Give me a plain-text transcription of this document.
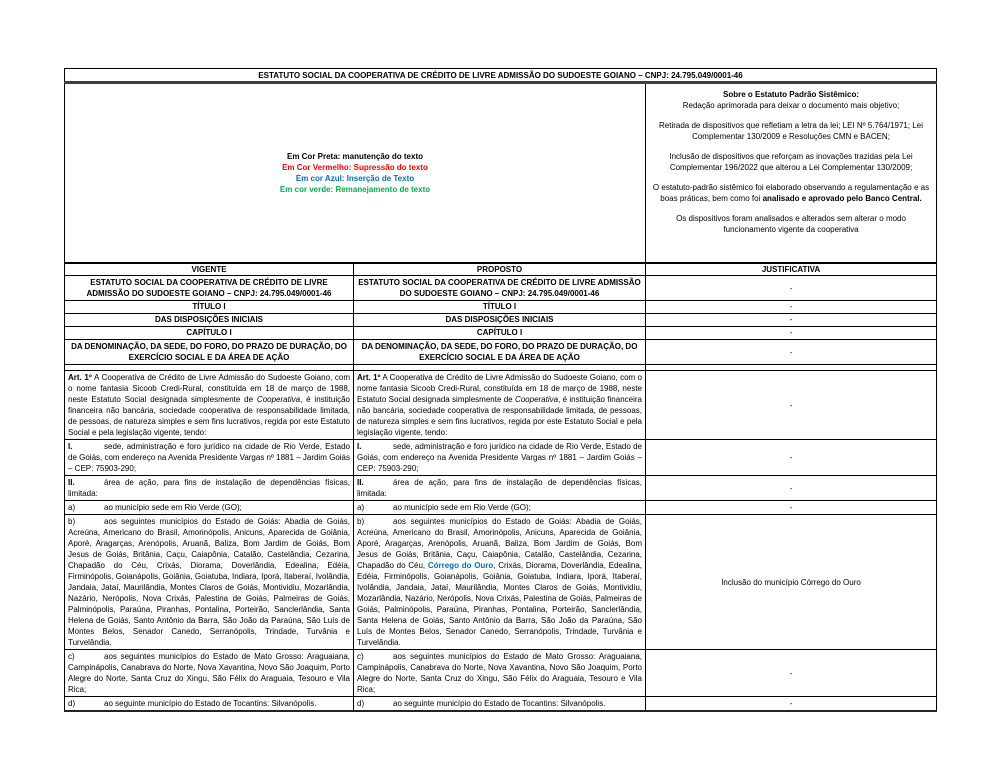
ESTATUTO SOCIAL DA COOPERATIVA DE CRÉDITO DE LIVRE ADMISSÃO DO SUDOESTE GOIANO – CNPJ: 24.795.049/0001-46		

Em Cor Preta: manutenção do texto
Em Cor Vermelho: Supressão do texto
Em cor Azul: Inserção de Texto
Em cor verde: Remanejamento de texto

Sobre o Estatuto Padrão Sistêmico:
Redação aprimorada para deixar o documento mais objetivo;

Retirada de dispositivos que refletiam a letra da lei; LEI Nº 5.764/1971; Lei Complementar 130/2009 e Resoluções CMN e BACEN;

Inclusão de dispositivos que reforçam as inovações trazidas pela Lei Complementar 196/2022 que alterou a Lei Complementar 130/2009;

O estatuto-padrão sistêmico foi elaborado observando a regulamentação e as boas práticas, bem como foi analisado e aprovado pelo Banco Central.

Os dispositivos foram analisados e alterados sem alterar o modo funcionamento vigente da cooperativa

VIGENTE	PROPOSTO	JUSTIFICATIVA
ESTATUTO SOCIAL DA COOPERATIVA DE CRÉDITO DE LIVRE ADMISSÃO DO SUDOESTE GOIANO – CNPJ: 24.795.049/0001-46	ESTATUTO SOCIAL DA COOPERATIVA DE CRÉDITO DE LIVRE ADMISSÃO DO SUDOESTE GOIANO – CNPJ: 24.795.049/0001-46	-
TÍTULO I	TÍTULO I	-
DAS DISPOSIÇÕES INICIAIS	DAS DISPOSIÇÕES INICIAIS	-
CAPÍTULO I	CAPÍTULO I	-
DA DENOMINAÇÃO, DA SEDE, DO FORO, DO PRAZO DE DURAÇÃO, DO EXERCÍCIO SOCIAL E DA ÁREA DE AÇÃO	DA DENOMINAÇÃO, DA SEDE, DO FORO, DO PRAZO DE DURAÇÃO, DO EXERCÍCIO SOCIAL E DA ÁREA DE AÇÃO	-

Art. 1º A Cooperativa de Crédito de Livre Admissão do Sudoeste Goiano, com o nome fantasia Sicoob Credi-Rural, constituída em 18 de março de 1988, neste Estatuto Social designada simplesmente de Cooperativa, é instituição financeira não bancária, sociedade cooperativa de responsabilidade limitada, de pessoas, de natureza simples e sem fins lucrativos, regida por este Estatuto Social e pela legislação vigente, tendo:	Art. 1º A Cooperativa de Crédito de Livre Admissão do Sudoeste Goiano, com o nome fantasia Sicoob Credi-Rural, constituída em 18 de março de 1988, neste Estatuto Social designada simplesmente de Cooperativa, é instituição financeira não bancária, sociedade cooperativa de responsabilidade limitada, de pessoas, de natureza simples e sem fins lucrativos, regida por este Estatuto Social e pela legislação vigente, tendo:	-
I. sede, administração e foro jurídico na cidade de Rio Verde, Estado de Goiás, com endereço na Avenida Presidente Vargas nº 1881 – Jardim Goiás – CEP: 75903-290;	I. sede, administração e foro jurídico na cidade de Rio Verde, Estado de Goiás, com endereço na Avenida Presidente Vargas nº 1881 – Jardim Goiás – CEP: 75903-290;	-
II. área de ação, para fins de instalação de dependências físicas, limitada:	II. área de ação, para fins de instalação de dependências físicas, limitada:	-
a) ao município sede em Rio Verde (GO);	a) ao município sede em Rio Verde (GO);	-
b)	aos seguintes municípios do Estado de Goiás: Abadia de Goiás, Acreúna, Americano do Brasil, Amorinópolis, Anicuns, Aparecida de Goiânia, Aporé, Aragarças, Arenópolis, Aruanã, Baliza, Bom Jardim de Goiás, Bom Jesus de Goiás, Britânia, Caçu, Caiapônia, Catalão, Castelândia, Cezarina, Chapadão do Céu, Crixás, Diorama, Doverlândia, Edealina, Edéia, Firminópolis, Goianápolis, Goiânia, Goiatuba, Indiara, Iporá, Itaberaí, Ivolândia, Jandaia, Jataí, Maurilândia, Montes Claros de Goiás, Montividiu, Mozarlândia, Nazário, Nerópolis, Nova Crixás, Palestina de Goiás, Palmeiras de Goiás, Palminópolis, Paraúna, Piranhas, Pontalina, Porteirão, Sanclerlândia, Santa Helena de Goiás, Santo Antônio da Barra, São João da Paraúna, São Luís de Montes Belos, Senador Canedo, Serranópolis, Trindade, Turvânia e Turvelândia.	b)	aos seguintes municípios do Estado de Goiás: Abadia de Goiás, Acreúna, Americano do Brasil, Amorinópolis, Anicuns, Aparecida de Goiânia, Aporé, Aragarças, Arenópolis, Aruanã, Baliza, Bom Jardim de Goiás, Bom Jesus de Goiás, Britânia, Caçu, Caiapônia, Catalão, Castelândia, Cezarina, Chapadão do Céu, Córrego do Ouro, Crixás, Diorama, Doverlândia, Edealina, Edéia, Firminópolis, Goianápolis, Goiânia, Goiatuba, Indiara, Iporá, Itaberaí, Ivolândia, Jandaia, Jataí, Maurilândia, Montes Claros de Goiás, Montividiu, Mozarlândia, Nazário, Nerópolis, Nova Crixás, Palestina de Goiás, Palmeiras de Goiás, Palminópolis, Paraúna, Piranhas, Pontalina, Porteirão, Sanclerlândia, Santa Helena de Goiás, Santo Antônio da Barra, São João da Paraúna, São Luís de Montes Belos, Senador Canedo, Serranópolis, Trindade, Turvânia e Turvelândia.	Inclusão do município Córrego do Ouro
c)	aos seguintes municípios do Estado de Mato Grosso: Araguaiana, Campinápolis, Canabrava do Norte, Nova Xavantina, Novo São Joaquim, Porto Alegre do Norte, Santa Cruz do Xingu, São Félix do Araguaia, Tesouro e Vila Rica;	c)	aos seguintes municípios do Estado de Mato Grosso: Araguaiana, Campinápolis, Canabrava do Norte, Nova Xavantina, Novo São Joaquim, Porto Alegre do Norte, Santa Cruz do Xingu, São Félix do Araguaia, Tesouro e Vila Rica;	-
d) ao seguinte município do Estado de Tocantins: Silvanópolis.	d) ao seguinte município do Estado de Tocantins: Silvanópolis.	-
